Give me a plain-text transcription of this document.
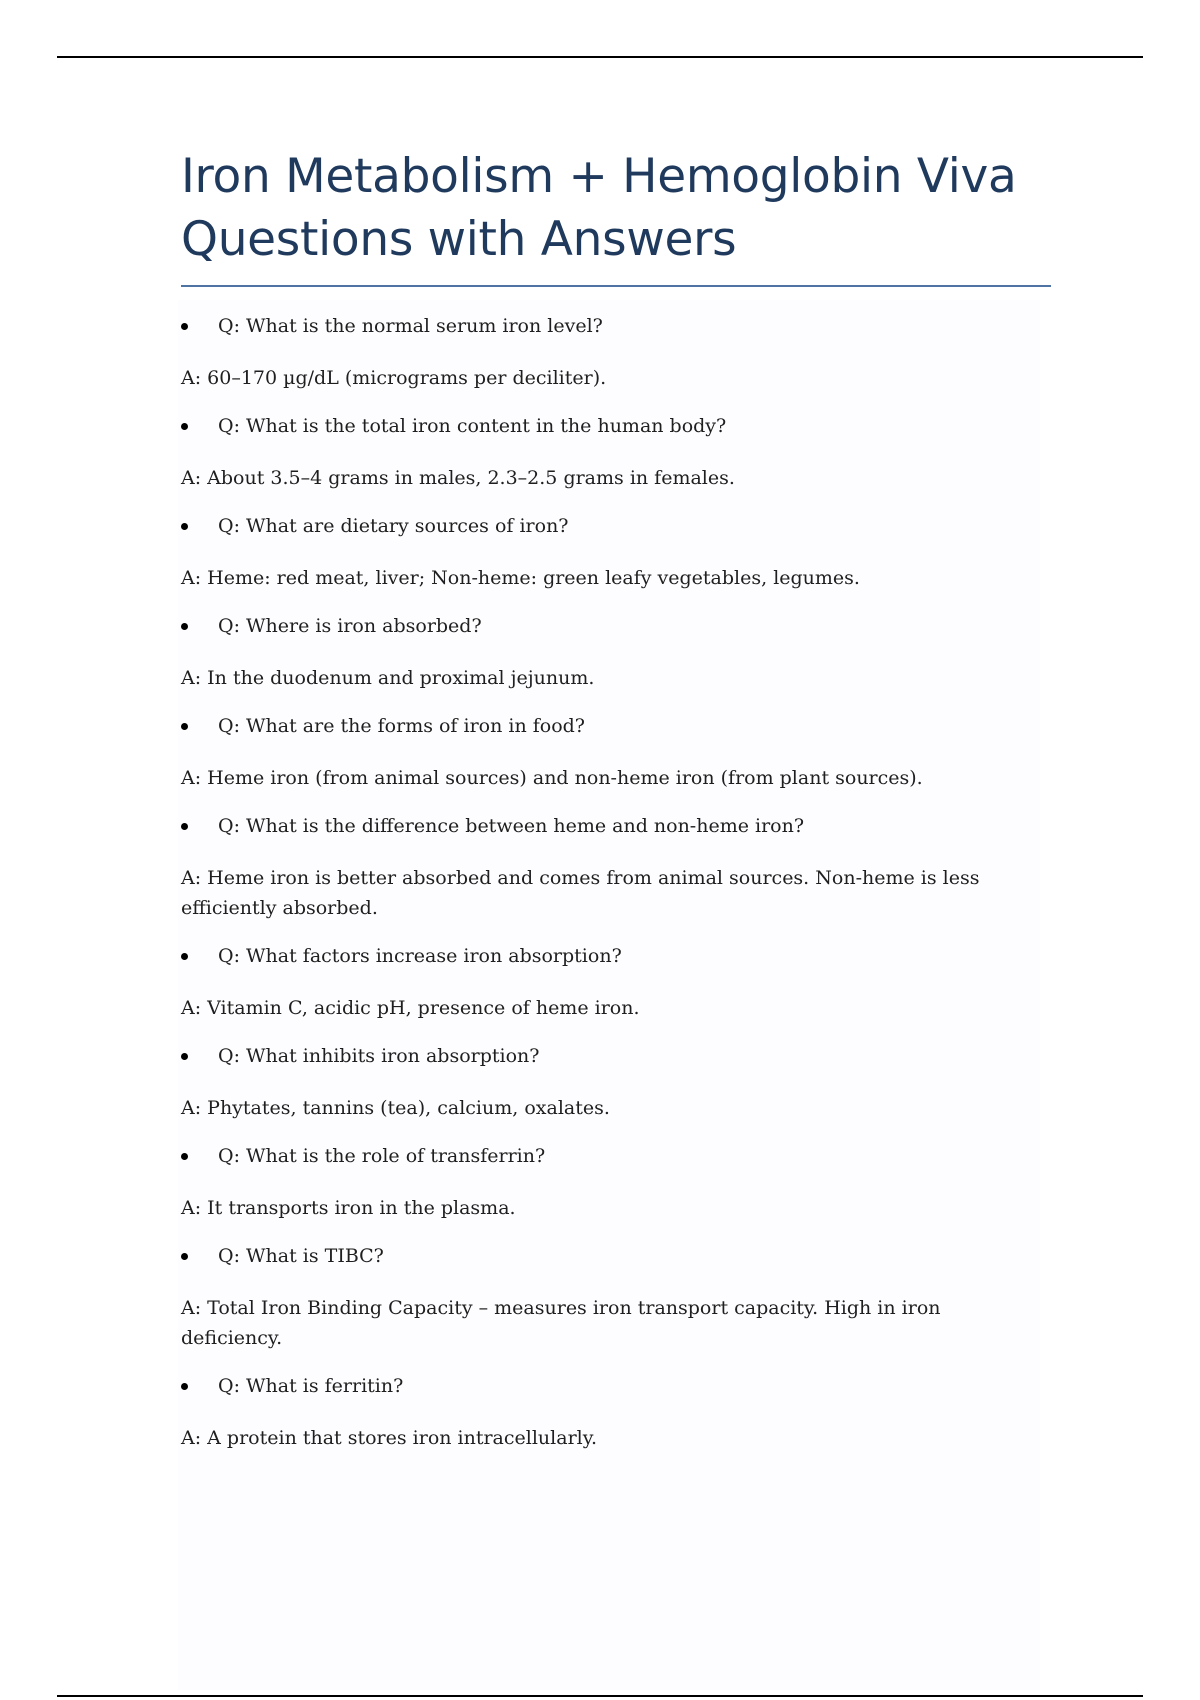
Iron Metabolism + Hemoglobin Viva Questions with Answers
Q: What is the normal serum iron level?
A: 60–170 µg/dL (micrograms per deciliter).
Q: What is the total iron content in the human body?
A: About 3.5–4 grams in males, 2.3–2.5 grams in females.
Q: What are dietary sources of iron?
A: Heme: red meat, liver; Non-heme: green leafy vegetables, legumes.
Q: Where is iron absorbed?
A: In the duodenum and proximal jejunum.
Q: What are the forms of iron in food?
A: Heme iron (from animal sources) and non-heme iron (from plant sources).
Q: What is the difference between heme and non-heme iron?
A: Heme iron is better absorbed and comes from animal sources. Non-heme is less efficiently absorbed.
Q: What factors increase iron absorption?
A: Vitamin C, acidic pH, presence of heme iron.
Q: What inhibits iron absorption?
A: Phytates, tannins (tea), calcium, oxalates.
Q: What is the role of transferrin?
A: It transports iron in the plasma.
Q: What is TIBC?
A: Total Iron Binding Capacity – measures iron transport capacity. High in iron deficiency.
Q: What is ferritin?
A: A protein that stores iron intracellularly.
